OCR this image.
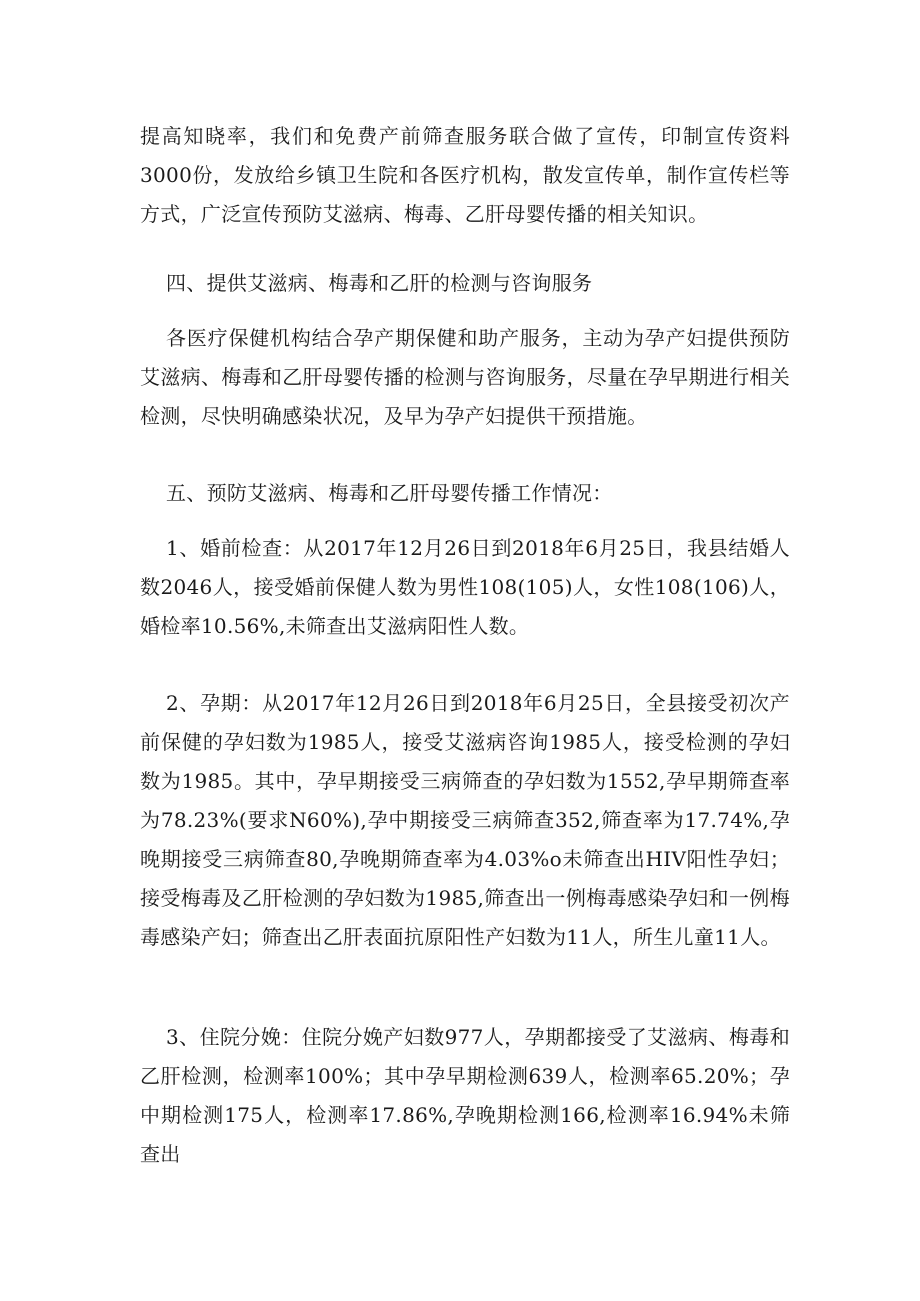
提高知晓率，我们和免费产前筛查服务联合做了宣传，印制宣传资料3000份，发放给乡镇卫生院和各医疗机构，散发宣传单，制作宣传栏等方式，广泛宣传预防艾滋病、梅毒、乙肝母婴传播的相关知识。

四、提供艾滋病、梅毒和乙肝的检测与咨询服务

各医疗保健机构结合孕产期保健和助产服务，主动为孕产妇提供预防艾滋病、梅毒和乙肝母婴传播的检测与咨询服务，尽量在孕早期进行相关检测，尽快明确感染状况，及早为孕产妇提供干预措施。

五、预防艾滋病、梅毒和乙肝母婴传播工作情况：

1、婚前检查：从2017年12月26日到2018年6月25日，我县结婚人数2046人，接受婚前保健人数为男性108(105)人，女性108(106)人，婚检率10.56%,未筛查出艾滋病阳性人数。

2、孕期：从2017年12月26日到2018年6月25日，全县接受初次产前保健的孕妇数为1985人，接受艾滋病咨询1985人，接受检测的孕妇数为1985。其中，孕早期接受三病筛查的孕妇数为1552,孕早期筛查率为78.23%(要求N60%),孕中期接受三病筛查352,筛查率为17.74%,孕晚期接受三病筛查80,孕晚期筛查率为4.03%o未筛查出HIV阳性孕妇；接受梅毒及乙肝检测的孕妇数为1985,筛查出一例梅毒感染孕妇和一例梅毒感染产妇；筛查出乙肝表面抗原阳性产妇数为11人，所生儿童11人。

3、住院分娩：住院分娩产妇数977人，孕期都接受了艾滋病、梅毒和乙肝检测，检测率100%；其中孕早期检测639人，检测率65.20%；孕中期检测175人，检测率17.86%,孕晚期检测166,检测率16.94%未筛查出
